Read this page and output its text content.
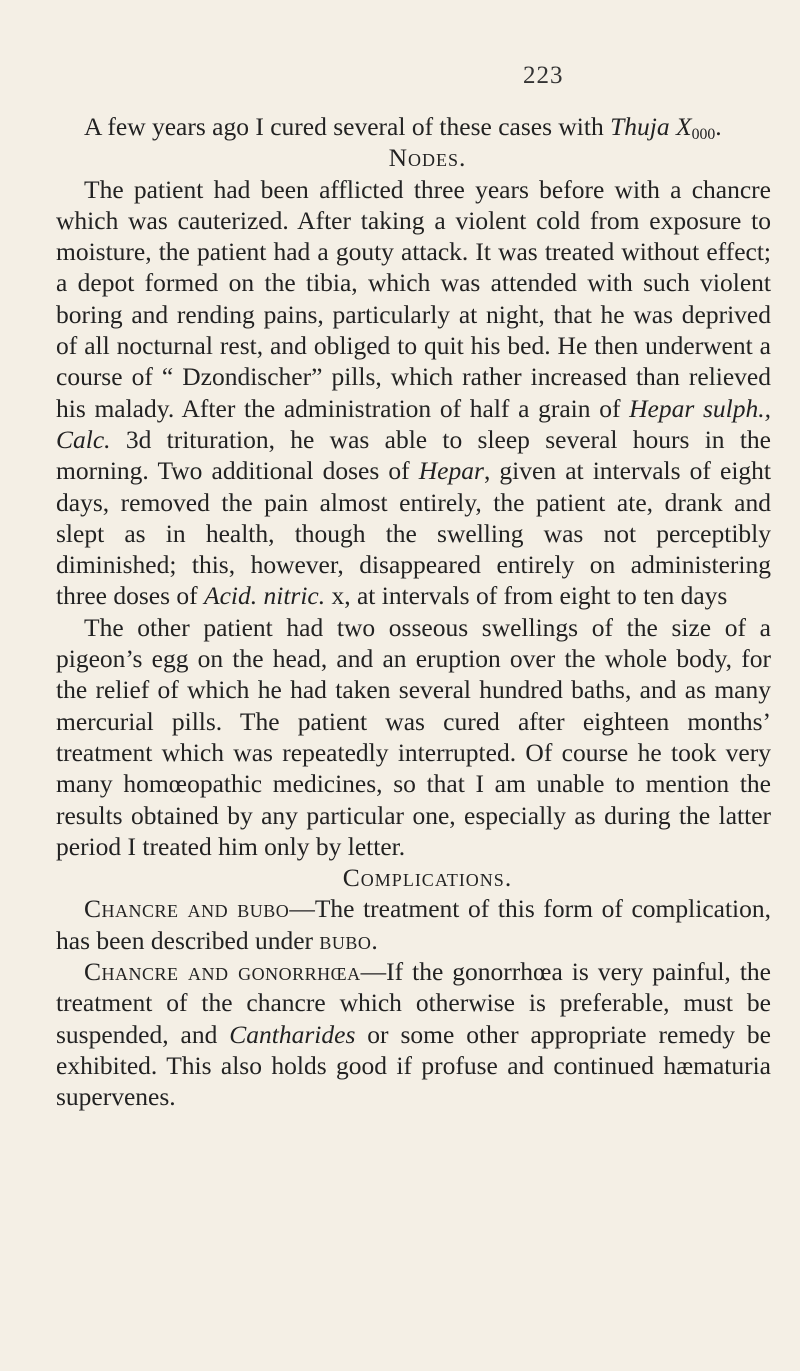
223

A few years ago I cured several of these cases with Thuja $X_{000}$.

Nodes.

The patient had been afflicted three years before with a chancre which was cauterized. After taking a violent cold from exposure to moisture, the patient had a gouty attack. It was treated without effect; a depot formed on the tibia, which was attended with such violent boring and rending pains, particularly at night, that he was deprived of all nocturnal rest, and obliged to quit his bed. He then underwent a course of “ Dzondischer” pills, which rather increased than relieved his malady. After the administration of half a grain of Hepar sulph., Calc. 3d trituration, he was able to sleep several hours in the morning. Two additional doses of Hepar, given at intervals of eight days, removed the pain almost entirely, the patient ate, drank and slept as in health, though the swelling was not perceptibly diminished; this, however, disappeared entirely on administering three doses of Acid. nitric. x, at intervals of from eight to ten days

The other patient had two osseous swellings of the size of a pigeon’s egg on the head, and an eruption over the whole body, for the relief of which he had taken several hundred baths, and as many mercurial pills. The patient was cured after eighteen months’ treatment which was repeatedly interrupted. Of course he took very many homœopathic medicines, so that I am unable to mention the results obtained by any particular one, especially as during the latter period I treated him only by letter.

Complications.

Chancre and bubo—The treatment of this form of complication, has been described under bubo.

Chancre and gonorrhœa—If the gonorrhœa is very painful, the treatment of the chancre which otherwise is preferable, must be suspended, and Cantharides or some other appropriate remedy be exhibited. This also holds good if profuse and continued hæmaturia supervenes.
